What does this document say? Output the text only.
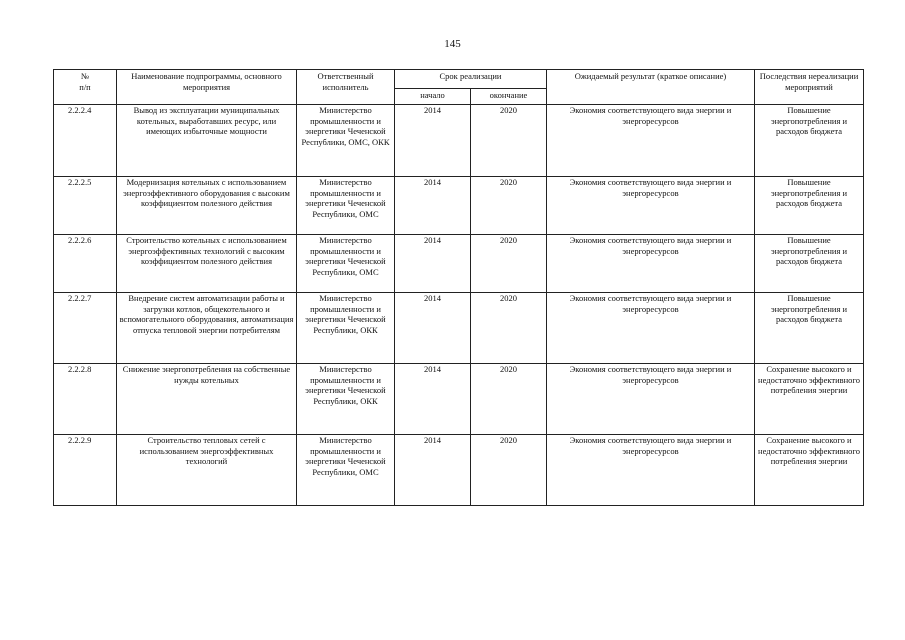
145
№
п/п	Наименование подпрограммы, основного мероприятия	Ответственный исполнитель	Срок реализации		Ожидаемый результат (краткое описание)	Последствия нереализации мероприятий
			начало	окончание		
2.2.2.4	Вывод из эксплуатации муниципальных котельных, выработавших ресурс, или имеющих избыточные мощности	Министерство промышленности и энергетики Чеченской Республики, ОМС, ОКК	2014	2020	Экономия соответствующего вида энергии и энергоресурсов	Повышение энергопотребления и расходов бюджета
2.2.2.5	Модернизация котельных с использованием энергоэффективного оборудования с высоким коэффициентом полезного действия	Министерство промышленности и энергетики Чеченской Республики, ОМС	2014	2020	Экономия соответствующего вида энергии и энергоресурсов	Повышение энергопотребления и расходов бюджета
2.2.2.6	Строительство котельных с использованием энергоэффективных технологий с высоким коэффициентом полезного действия	Министерство промышленности и энергетики Чеченской Республики, ОМС	2014	2020	Экономия соответствующего вида энергии и энергоресурсов	Повышение энергопотребления и расходов бюджета
2.2.2.7	Внедрение систем автоматизации работы и загрузки котлов, общекотельного и вспомогательного оборудования, автоматизация отпуска тепловой энергии потребителям	Министерство промышленности и энергетики Чеченской Республики, ОКК	2014	2020	Экономия соответствующего вида энергии и энергоресурсов	Повышение энергопотребления и расходов бюджета
2.2.2.8	Снижение энергопотребления на собственные нужды котельных	Министерство промышленности и энергетики Чеченской Республики, ОКК	2014	2020	Экономия соответствующего вида энергии и энергоресурсов	Сохранение высокого и недостаточно эффективного потребления энергии
2.2.2.9	Строительство тепловых сетей с использованием энергоэффективных технологий	Министерство промышленности и энергетики Чеченской Республики, ОМС	2014	2020	Экономия соответствующего вида энергии и энергоресурсов	Сохранение высокого и недостаточно эффективного потребления энергии
